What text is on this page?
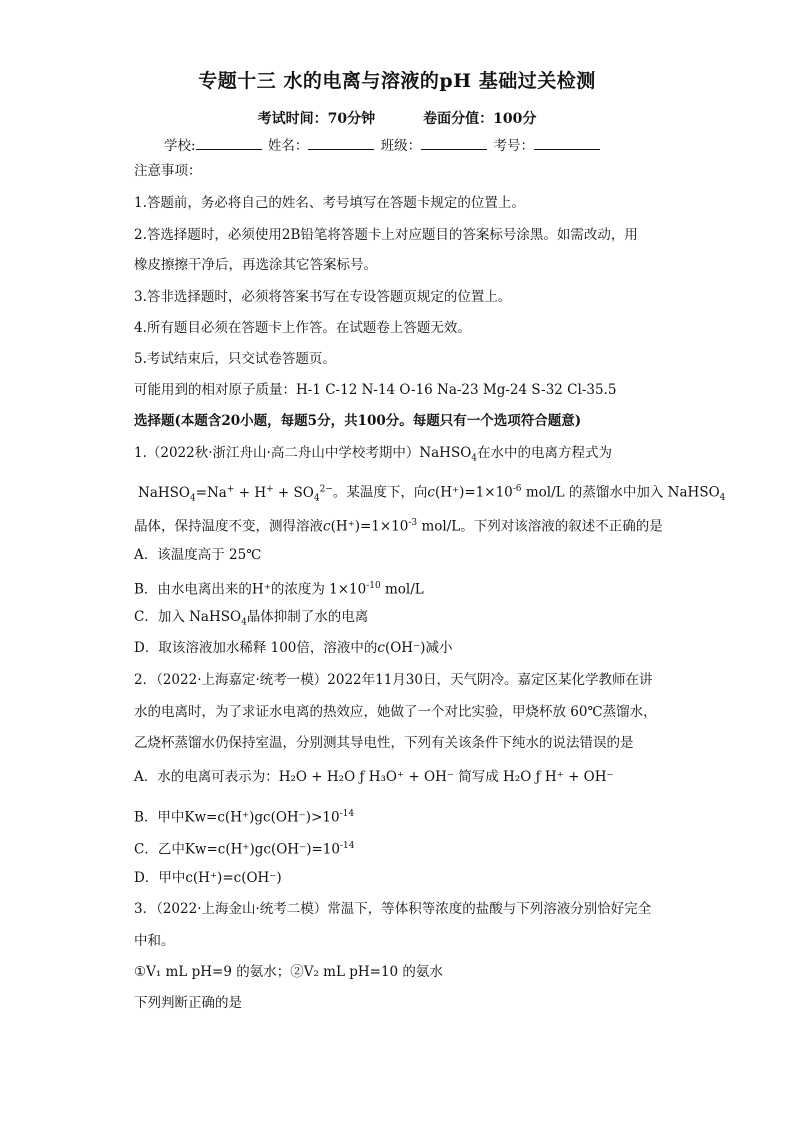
专题十三 水的电离与溶液的pH 基础过关检测
考试时间：70分钟	卷面分值：100分
学校:	姓名：	班级：	考号：
注意事项：
1.答题前，务必将自己的姓名、考号填写在答题卡规定的位置上。
2.答选择题时，必须使用2B铅笔将答题卡上对应题目的答案标号涂黑。如需改动，用
橡皮擦擦干净后，再选涂其它答案标号。
3.答非选择题时，必须将答案书写在专设答题页规定的位置上。
4.所有题目必须在答题卡上作答。在试题卷上答题无效。
5.考试结束后，只交试卷答题页。
可能用到的相对原子质量：H-1 C-12 N-14 O-16 Na-23 Mg-24 S-32 Cl-35.5
选择题(本题含20小题，每题5分，共100分。每题只有一个选项符合题意)
1.（2022秋·浙江舟山·高二舟山中学校考期中）NaHSO$_4$在水中的电离方程式为
NaHSO$_4$=Na+ + $H^+ + SO_4^{2-}$。某温度下，向$c(H^+)=1\times 10^{-6}$ mol/L 的蒸馏水中加入 NaHSO$_4$
晶体，保持温度不变，测得溶液$c(H^+)=1\times 10^{-3}$ mol/L。下列对该溶液的叙述不正确的是
A．该温度高于 25℃
B．由水电离出来的H⁺的浓度为 $1\times 10^{-10}$ mol/L
C．加入 NaHSO$_4$晶体抑制了水的电离
D．取该溶液加水稀释 100倍，溶液中的c(OH⁻)减小
2．（2022·上海嘉定·统考一模）2022年11月30日，天气阴冷。嘉定区某化学教师在讲
水的电离时，为了求证水电离的热效应，她做了一个对比实验，甲烧杯放 60℃蒸馏水，
乙烧杯蒸馏水仍保持室温，分别测其导电性，下列有关该条件下纯水的说法错误的是
A．水的电离可表示为：H₂O + H₂O ƒ H₃O⁺ + OH⁻ 简写成 H₂O ƒ H⁺ + OH⁻
B．甲中$Kw=c(H^+)gc(OH^-)>10^{-14}$
C．乙中$Kw=c(H^+)gc(OH^-)=10^{-14}$
D．甲中c(H⁺)=c(OH⁻)
3．（2022·上海金山·统考二模）常温下，等体积等浓度的盐酸与下列溶液分别恰好完全
中和。
①V₁ mL pH=9 的氨水；②V₂ mL pH=10 的氨水
下列判断正确的是
